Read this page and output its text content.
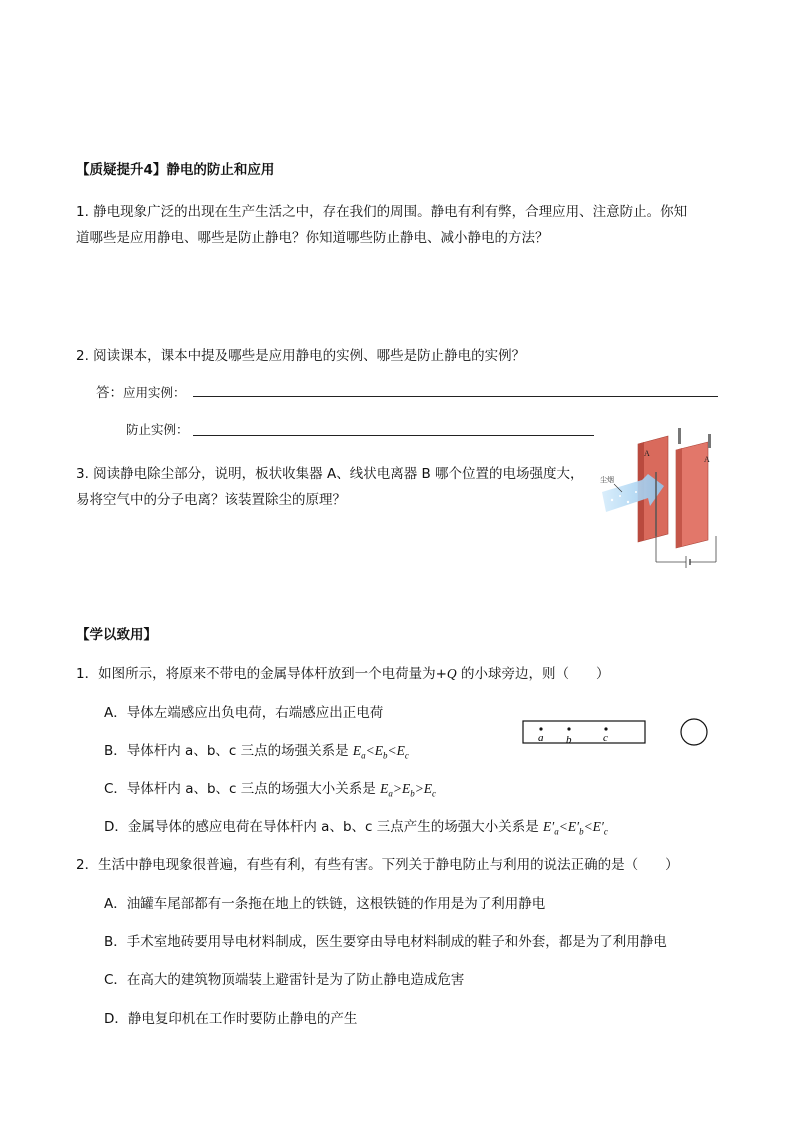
【质疑提升4】静电的防止和应用
1. 静电现象广泛的出现在生产生活之中，存在我们的周围。静电有利有弊，合理应用、注意防止。你知
道哪些是应用静电、哪些是防止静电？你知道哪些防止静电、减小静电的方法？
2. 阅读课本，课本中提及哪些是应用静电的实例、哪些是防止静电的实例？
答：应用实例：
防止实例：
3. 阅读静电除尘部分，说明，板状收集器 A、线状电离器 B 哪个位置的电场强度大，
易将空气中的分子电离？该装置除尘的原理？
A
A
尘烟
【学以致用】
1．如图所示，将原来不带电的金属导体杆放到一个电荷量为+Q 的小球旁边，则（　　）
A．导体左端感应出负电荷，右端感应出正电荷
B．导体杆内 a、b、c 三点的场强关系是 $E_a<E_b<E_c$
C．导体杆内 a、b、c 三点的场强大小关系是 $E_a>E_b>E_c$
D．金属导体的感应电荷在导体杆内 a、b、c 三点产生的场强大小关系是 $E'_a<E'_b<E'_c$
a b	c
2．生活中静电现象很普遍，有些有利，有些有害。下列关于静电防止与利用的说法正确的是（　　）
A．油罐车尾部都有一条拖在地上的铁链，这根铁链的作用是为了利用静电
B．手术室地砖要用导电材料制成，医生要穿由导电材料制成的鞋子和外套，都是为了利用静电
C．在高大的建筑物顶端装上避雷针是为了防止静电造成危害
D．静电复印机在工作时要防止静电的产生
